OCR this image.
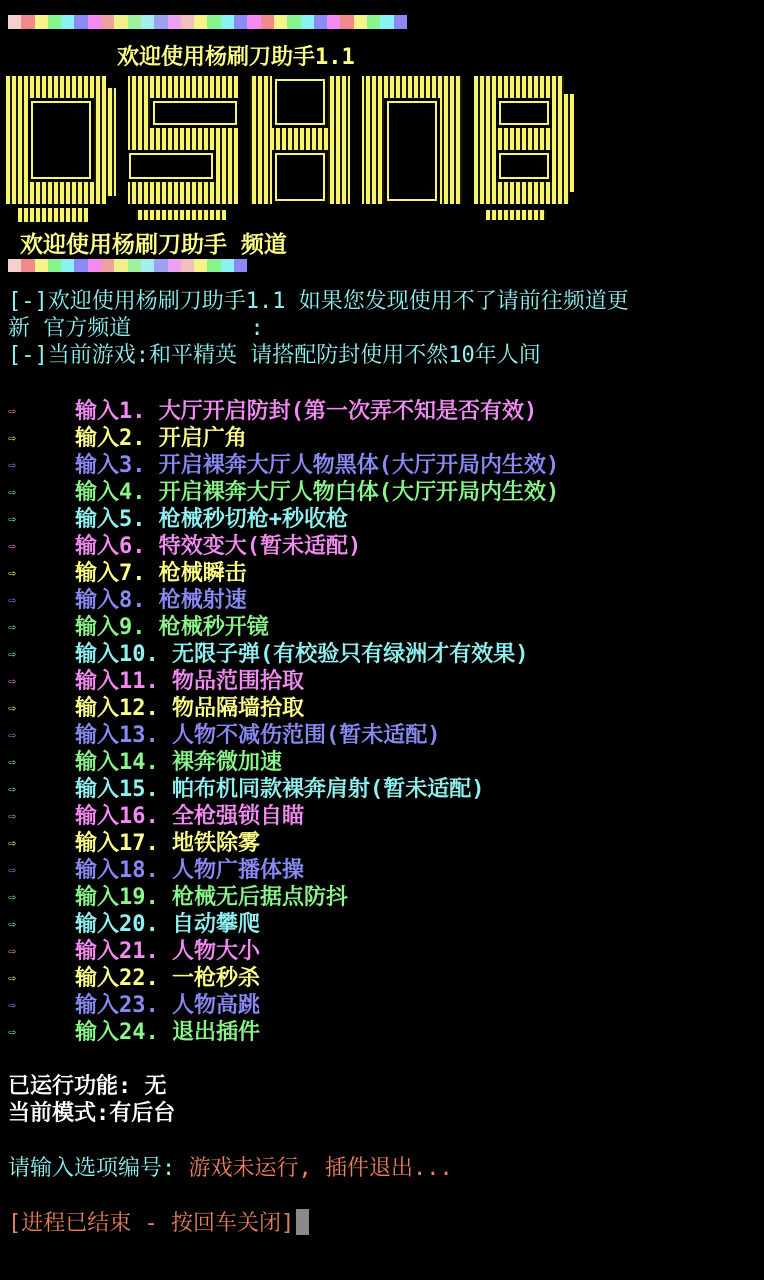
欢迎使用杨刷刀助手1.1
欢迎使用杨刷刀助手 频道
[-]欢迎使用杨刷刀助手1.1 如果您发现使用不了请前往频道更
新 官方频道         :
[-]当前游戏:和平精英 请搭配防封使用不然10年人间
⇨	输入1. 大厅开启防封(第一次弄不知是否有效)
⇨	输入2. 开启广角
⇨	输入3. 开启裸奔大厅人物黑体(大厅开局内生效)
⇨	输入4. 开启裸奔大厅人物白体(大厅开局内生效)
⇨	输入5. 枪械秒切枪+秒收枪
⇨	输入6. 特效变大(暂未适配)
⇨	输入7. 枪械瞬击
⇨	输入8. 枪械射速
⇨	输入9. 枪械秒开镜
⇨	输入10. 无限子弹(有校验只有绿洲才有效果)
⇨	输入11. 物品范围拾取
⇨	输入12. 物品隔墙拾取
⇨	输入13. 人物不减伤范围(暂未适配)
⇨	输入14. 裸奔微加速
⇨	输入15. 帕布机同款裸奔肩射(暂未适配)
⇨	输入16. 全枪强锁自瞄
⇨	输入17. 地铁除雾
⇨	输入18. 人物广播体操
⇨	输入19. 枪械无后据点防抖
⇨	输入20. 自动攀爬
⇨	输入21. 人物大小
⇨	输入22. 一枪秒杀
⇨	输入23. 人物高跳
⇨	输入24. 退出插件
已运行功能: 无
当前模式:有后台
请输入选项编号: 游戏未运行, 插件退出...
[进程已结束 - 按回车关闭]
